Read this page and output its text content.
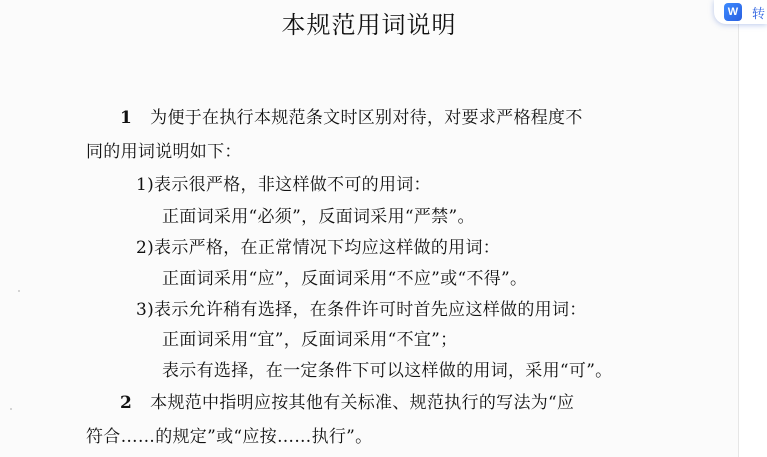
本规范用词说明
1 为便于在执行本规范条文时区别对待，对要求严格程度不
同的用词说明如下：
1)表示很严格，非这样做不可的用词：
正面词采用“必须”，反面词采用“严禁”。
2)表示严格，在正常情况下均应这样做的用词：
正面词采用“应”，反面词采用“不应”或“不得”。
3)表示允许稍有选择，在条件许可时首先应这样做的用词：
正面词采用“宜”，反面词采用“不宜”；
表示有选择，在一定条件下可以这样做的用词，采用“可”。
2 本规范中指明应按其他有关标准、规范执行的写法为“应
符合……的规定”或“应按……执行”。
W 转
